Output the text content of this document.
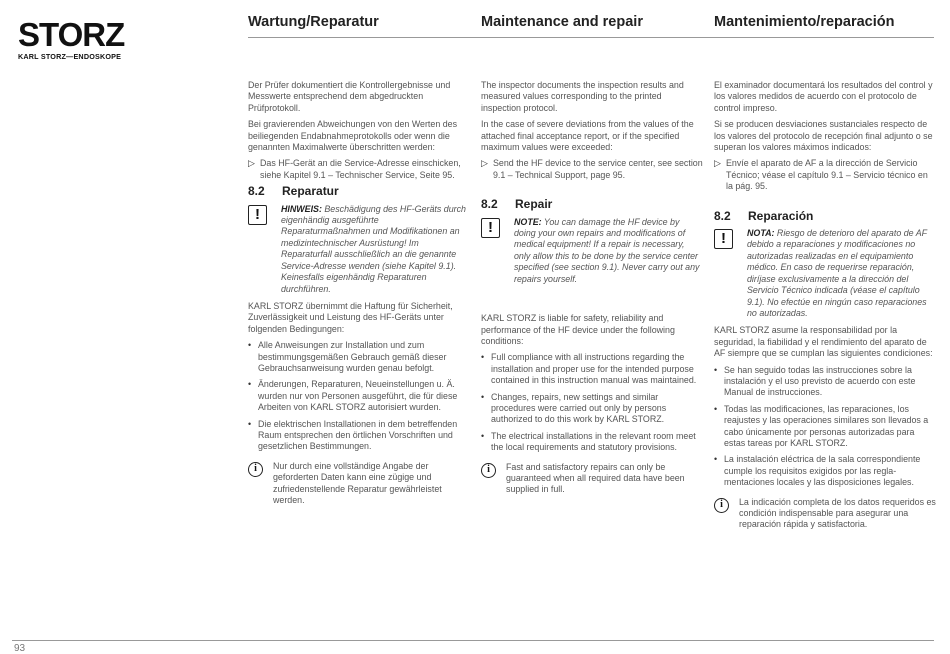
STORZ
KARL STORZ—ENDOSKOPE
Wartung/Reparatur	Maintenance and repair	Mantenimiento/reparación

Der Prüfer dokumentiert die Kontrollergebnisse und Messwerte entsprechend dem abgedruckten Prüfprotokoll.

Bei gravierenden Abweichungen von den Werten des beiliegenden Endabnahmeprotokolls oder wenn die genannten Maximalwerte überschritten werden:

▷ Das HF-Gerät an die Service-Adresse einschicken, siehe Kapitel 9.1 – Technischer Service, Seite 95.
8.2	Reparatur
!	HINWEIS: Beschädigung des HF-Geräts durch eigenhändig ausgeführte Reparaturmaßnahmen und Modifikationen an medizintechnischer Ausrüstung! Im Reparaturfall ausschließlich an die genannte Service-Adresse wenden (siehe Kapitel 9.1). Keinesfalls eigenhändig Reparaturen durchführen.

KARL STORZ übernimmt die Haftung für Sicherheit, Zuverlässigkeit und Leistung des HF-Geräts unter folgenden Bedingungen:

• Alle Anweisungen zur Installation und zum bestimmungsgemäßen Gebrauch gemäß dieser Gebrauchsanweisung wurden genau befolgt.
• Änderungen, Reparaturen, Neueinstellungen u. Ä. wurden nur von Personen ausgeführt, die für diese Arbeiten von KARL STORZ autorisiert wurden.
• Die elektrischen Installationen in dem betreffenden Raum entsprechen den örtlichen Vorschriften und gesetzlichen Bestimmungen.
i	Nur durch eine vollständige Angabe der geforderten Daten kann eine zügige und zufriedenstellende Reparatur gewährleistet werden.

The inspector documents the inspection results and measured values corresponding to the printed inspection protocol.

In the case of severe deviations from the values of the attached final acceptance report, or if the specified maximum values were exceeded:

▷ Send the HF device to the service center, see section 9.1 – Technical Support, page 95.
8.2	Repair
!	NOTE: You can damage the HF device by doing your own repairs and modifications of medical equipment! If a repair is necessary, only allow this to be done by the service center specified (see section 9.1). Never carry out any repairs yourself.

KARL STORZ is liable for safety, reliability and performance of the HF device under the following conditions:

• Full compliance with all instructions regarding the installation and proper use for the intended purpose contained in this instruction manual was maintained.
• Changes, repairs, new settings and similar procedures were carried out only by persons authorized to do this work by KARL STORZ.
• The electrical installations in the relevant room meet the local requirements and statutory provisions.
i	Fast and satisfactory repairs can only be guaranteed when all required data have been supplied in full.

El examinador documentará los resultados del control y los valores medidos de acuerdo con el protocolo de control impreso.

Si se producen desviaciones sustanciales respecto de los valores del protocolo de recepción final adjunto o se superan los valores máximos indicados:

▷ Envíe el aparato de AF a la dirección de Servicio Técnico; véase el capítulo 9.1 – Servicio técnico en la pág. 95.
8.2	Reparación
!	NOTA: Riesgo de deterioro del aparato de AF debido a reparaciones y modificaciones no autorizadas realizadas en el equipamiento médico. En caso de requerirse reparación, diríjase exclusivamente a la dirección del Servicio Técnico indicada (véase el capítulo 9.1). No efectúe en ningún caso reparaciones no autorizadas.

KARL STORZ asume la responsabilidad por la seguridad, la fiabilidad y el rendimiento del aparato de AF siempre que se cumplan las siguientes condiciones:

• Se han seguido todas las instrucciones sobre la instalación y el uso previsto de acuerdo con este Manual de instrucciones.
• Todas las modificaciones, las reparaciones, los reajustes y las operaciones similares son llevados a cabo únicamente por personas autorizadas para estas tareas por KARL STORZ.
• La instalación eléctrica de la sala correspondiente cumple los requisitos exigidos por las reglamentaciones locales y las disposiciones legales.
i	La indicación completa de los datos requeridos es condición indispensable para asegurar una reparación rápida y satisfactoria.
93
